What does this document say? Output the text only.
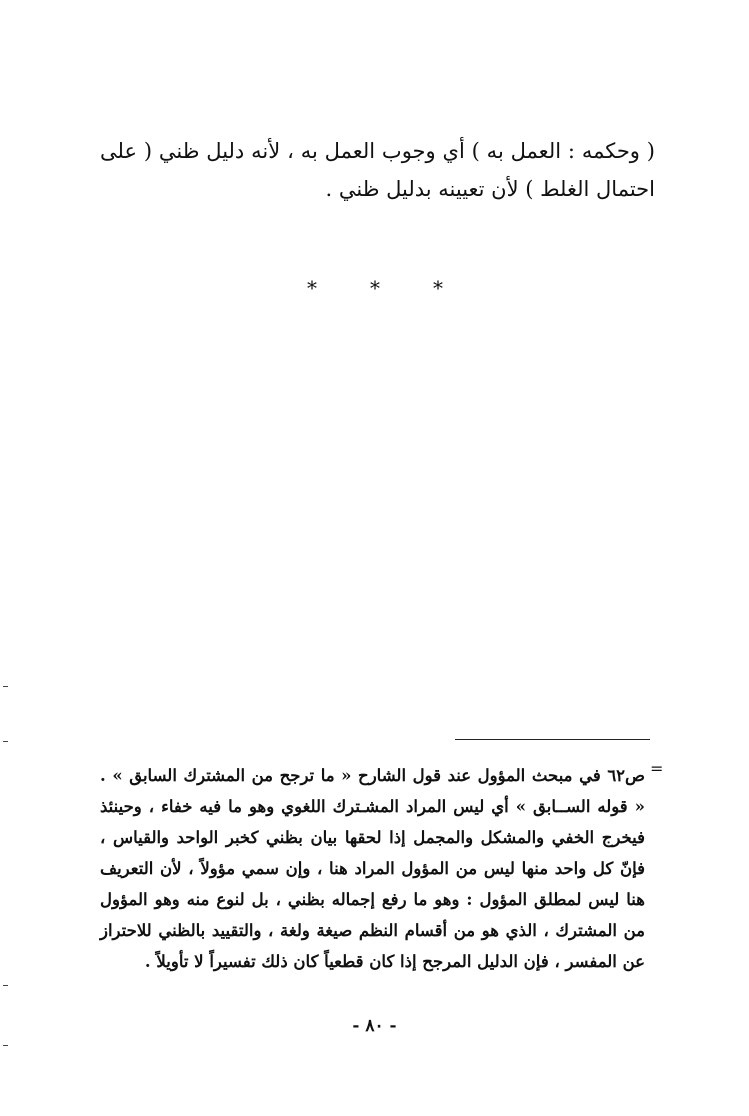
( وحكمه : العمل به ) أي وجوب العمل به ، لأنه دليل ظني ( على احتمال الغلط ) لأن تعيينه بدليل ظني .

*	*	*
=

ص٦٢ في مبحث المؤول عند قول الشارح « ما ترجح من المشترك السابق » . « قوله الســابق » أي ليس المراد المشـترك اللغوي وهو ما فيه خفاء ، وحينئذ فيخرج الخفي والمشكل والمجمل إذا لحقها بيان بظني كخبر الواحد والقياس ، فإنّ كل واحد منها ليس من المؤول المراد هنا ، وإن سمي مؤولاً ، لأن التعريف هنا ليس لمطلق المؤول : وهو ما رفع إجماله بظني ، بل لنوع منه وهو المؤول من المشترك ، الذي هو من أقسام النظم صيغة ولغة ، والتقييد بالظني للاحتراز عن المفسر ، فإن الدليل المرجح إذا كان قطعياً كان ذلك تفسيراً لا تأويلاً .

- ٨٠ -
